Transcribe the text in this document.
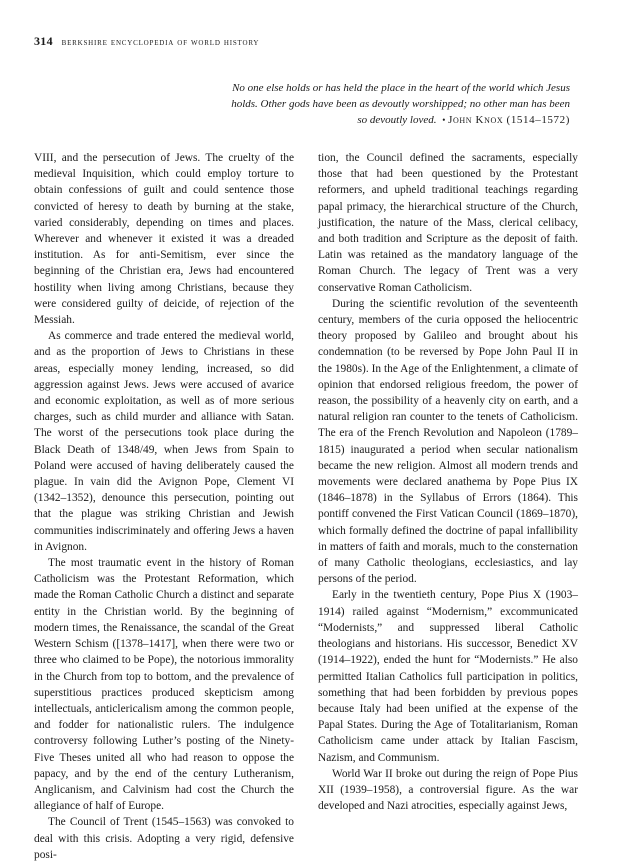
314 berkshire encyclopedia of world history
No one else holds or has held the place in the heart of the world which Jesus holds. Other gods have been as devoutly worshipped; no other man has been so devoutly loved. • John Knox (1514–1572)

VIII, and the persecution of Jews. The cruelty of the medieval Inquisition, which could employ torture to obtain confessions of guilt and could sentence those convicted of heresy to death by burning at the stake, varied considerably, depending on times and places. Wherever and whenever it existed it was a dreaded institution. As for anti-Semitism, ever since the beginning of the Christian era, Jews had encountered hostility when living among Christians, because they were considered guilty of deicide, of rejection of the Messiah.

As commerce and trade entered the medieval world, and as the proportion of Jews to Christians in these areas, especially money lending, increased, so did aggression against Jews. Jews were accused of avarice and economic exploitation, as well as of more serious charges, such as child murder and alliance with Satan. The worst of the persecutions took place during the Black Death of 1348/49, when Jews from Spain to Poland were accused of having deliberately caused the plague. In vain did the Avignon Pope, Clement VI (1342–1352), denounce this persecution, pointing out that the plague was striking Christian and Jewish communities indiscriminately and offering Jews a haven in Avignon.

The most traumatic event in the history of Roman Catholicism was the Protestant Reformation, which made the Roman Catholic Church a distinct and separate entity in the Christian world. By the beginning of modern times, the Renaissance, the scandal of the Great Western Schism ([1378–1417], when there were two or three who claimed to be Pope), the notorious immorality in the Church from top to bottom, and the prevalence of superstitious practices produced skepticism among intellectuals, anticlericalism among the common people, and fodder for nationalistic rulers. The indulgence controversy following Luther’s posting of the Ninety-Five Theses united all who had reason to oppose the papacy, and by the end of the century Lutheranism, Anglicanism, and Calvinism had cost the Church the allegiance of half of Europe.

The Council of Trent (1545–1563) was convoked to deal with this crisis. Adopting a very rigid, defensive posi-

tion, the Council defined the sacraments, especially those that had been questioned by the Protestant reformers, and upheld traditional teachings regarding papal primacy, the hierarchical structure of the Church, justification, the nature of the Mass, clerical celibacy, and both tradition and Scripture as the deposit of faith. Latin was retained as the mandatory language of the Roman Church. The legacy of Trent was a very conservative Roman Catholicism.

During the scientific revolution of the seventeenth century, members of the curia opposed the heliocentric theory proposed by Galileo and brought about his condemnation (to be reversed by Pope John Paul II in the 1980s). In the Age of the Enlightenment, a climate of opinion that endorsed religious freedom, the power of reason, the possibility of a heavenly city on earth, and a natural religion ran counter to the tenets of Catholicism. The era of the French Revolution and Napoleon (1789–1815) inaugurated a period when secular nationalism became the new religion. Almost all modern trends and movements were declared anathema by Pope Pius IX (1846–1878) in the Syllabus of Errors (1864). This pontiff convened the First Vatican Council (1869–1870), which formally defined the doctrine of papal infallibility in matters of faith and morals, much to the consternation of many Catholic theologians, ecclesiastics, and lay persons of the period.

Early in the twentieth century, Pope Pius X (1903–1914) railed against “Modernism,” excommunicated “Modernists,” and suppressed liberal Catholic theologians and historians. His successor, Benedict XV (1914–1922), ended the hunt for “Modernists.” He also permitted Italian Catholics full participation in politics, something that had been forbidden by previous popes because Italy had been unified at the expense of the Papal States. During the Age of Totalitarianism, Roman Catholicism came under attack by Italian Fascism, Nazism, and Communism.

World War II broke out during the reign of Pope Pius XII (1939–1958), a controversial figure. As the war developed and Nazi atrocities, especially against Jews,
